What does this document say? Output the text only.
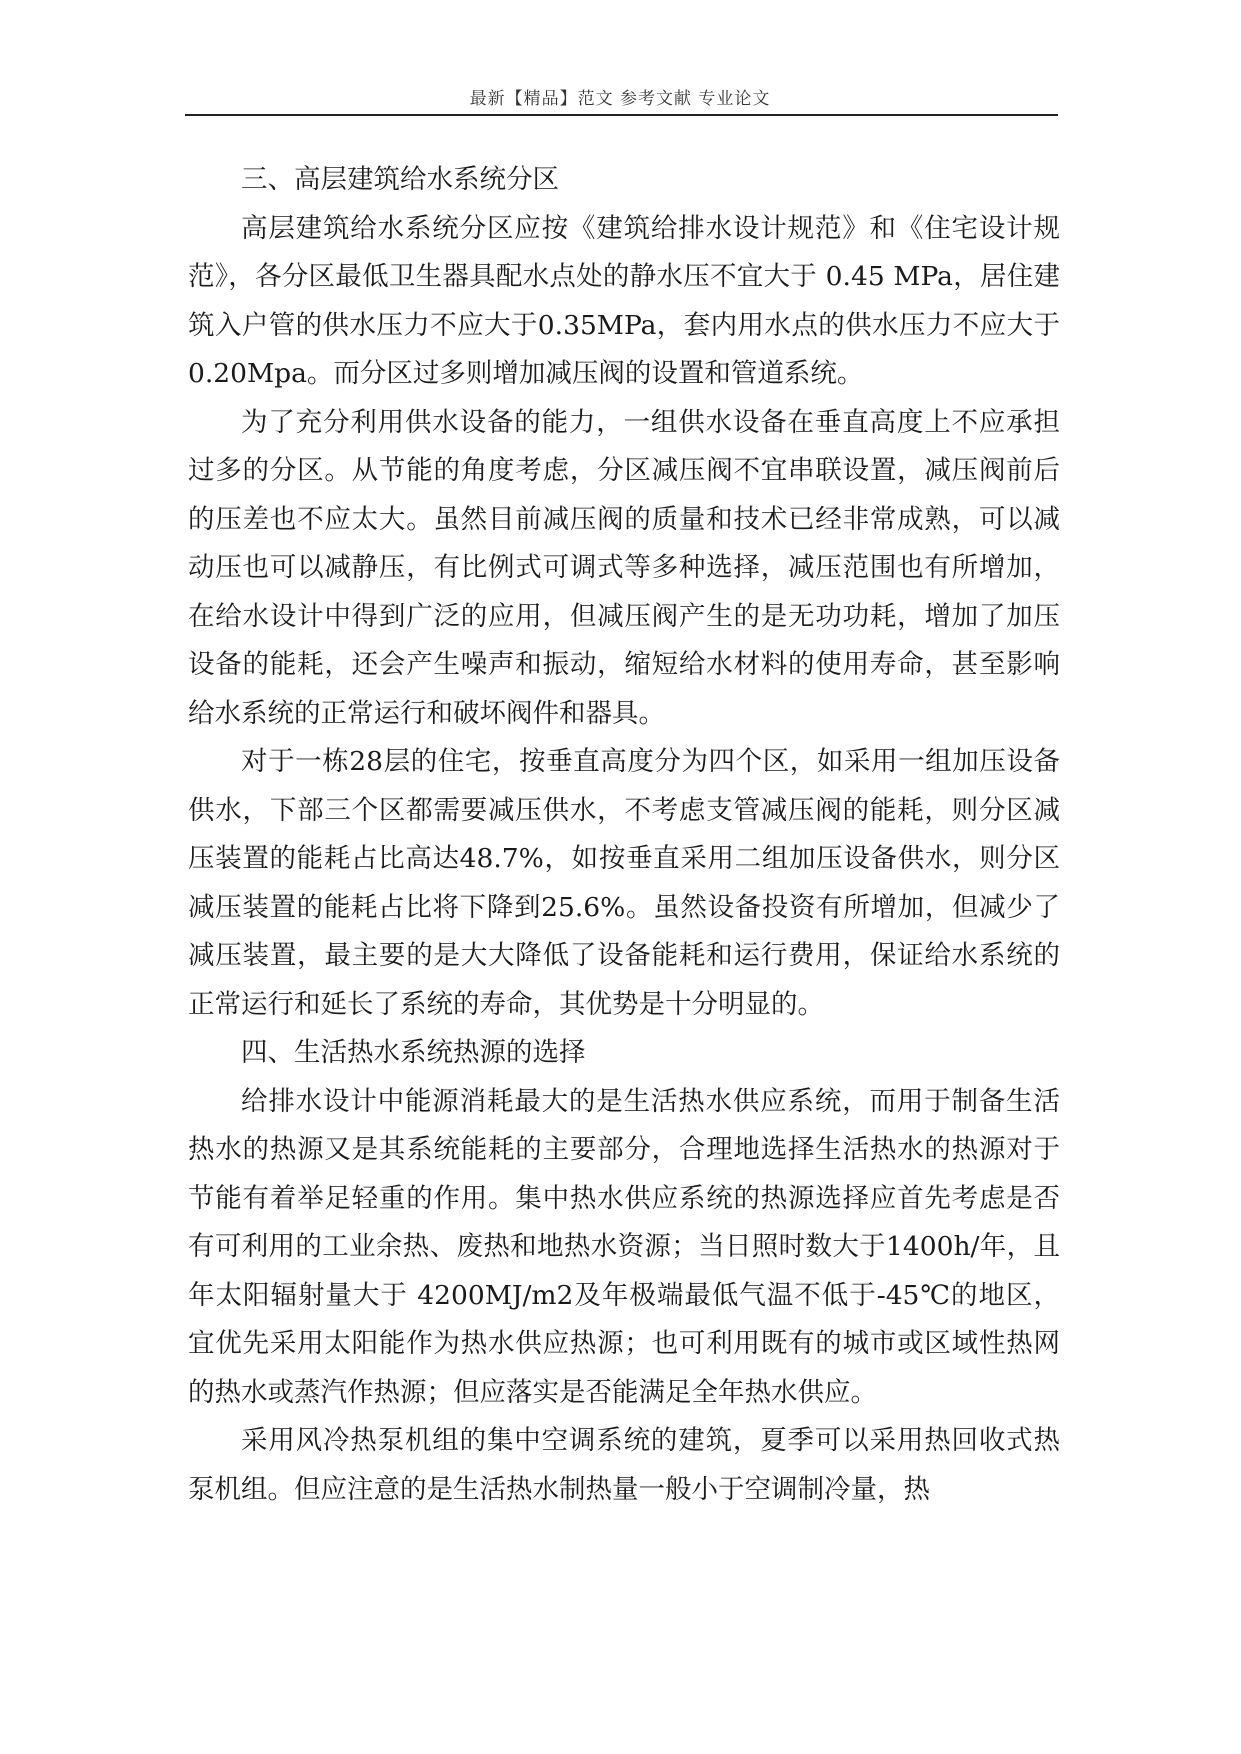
最新【精品】范文 参考文献 专业论文

三、高层建筑给水系统分区

高层建筑给水系统分区应按《建筑给排水设计规范》和《住宅设计规范》，各分区最低卫生器具配水点处的静水压不宜大于 0.45 MPa，居住建筑入户管的供水压力不应大于0.35MPa，套内用水点的供水压力不应大于0.20Mpa。而分区过多则增加减压阀的设置和管道系统。

为了充分利用供水设备的能力，一组供水设备在垂直高度上不应承担过多的分区。从节能的角度考虑，分区减压阀不宜串联设置，减压阀前后的压差也不应太大。虽然目前减压阀的质量和技术已经非常成熟，可以减动压也可以减静压，有比例式可调式等多种选择，减压范围也有所增加，在给水设计中得到广泛的应用，但减压阀产生的是无功功耗，增加了加压设备的能耗，还会产生噪声和振动，缩短给水材料的使用寿命，甚至影响给水系统的正常运行和破坏阀件和器具。

对于一栋28层的住宅，按垂直高度分为四个区，如采用一组加压设备供水，下部三个区都需要减压供水，不考虑支管减压阀的能耗，则分区减压装置的能耗占比高达48.7%，如按垂直采用二组加压设备供水，则分区减压装置的能耗占比将下降到25.6%。虽然设备投资有所增加，但减少了减压装置，最主要的是大大降低了设备能耗和运行费用，保证给水系统的正常运行和延长了系统的寿命，其优势是十分明显的。

四、生活热水系统热源的选择

给排水设计中能源消耗最大的是生活热水供应系统，而用于制备生活热水的热源又是其系统能耗的主要部分，合理地选择生活热水的热源对于节能有着举足轻重的作用。集中热水供应系统的热源选择应首先考虑是否有可利用的工业余热、废热和地热水资源；当日照时数大于1400h/年，且年太阳辐射量大于 4200MJ/m2及年极端最低气温不低于-45℃的地区，宜优先采用太阳能作为热水供应热源；也可利用既有的城市或区域性热网的热水或蒸汽作热源；但应落实是否能满足全年热水供应。

采用风冷热泵机组的集中空调系统的建筑，夏季可以采用热回收式热泵机组。但应注意的是生活热水制热量一般小于空调制冷量，热
